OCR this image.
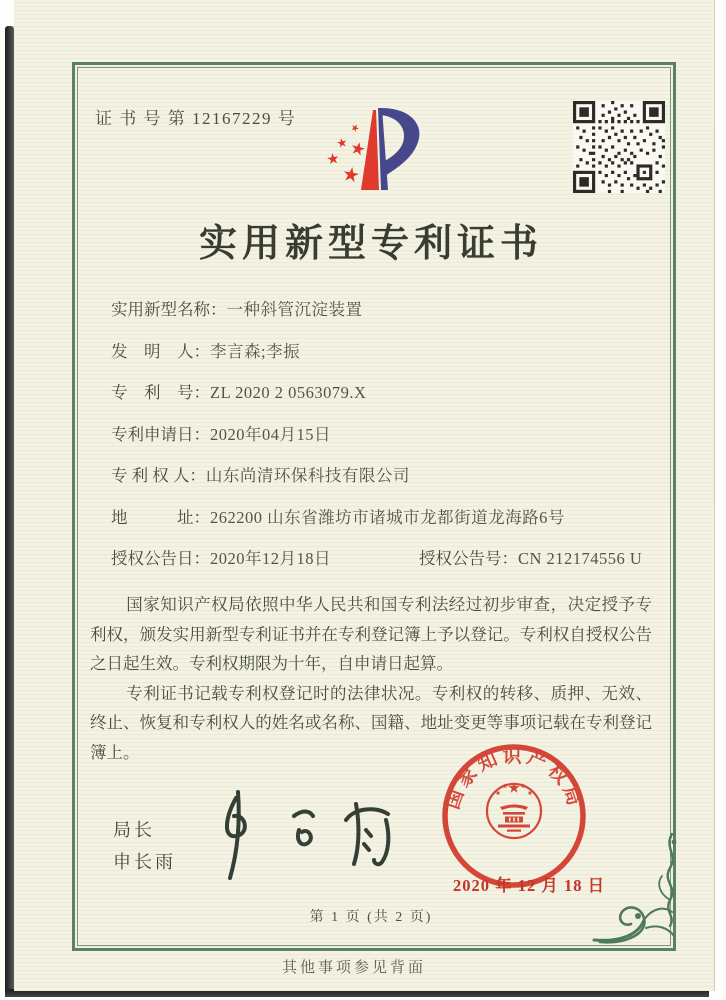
证 书 号 第 12167229 号
实用新型专利证书
实用新型名称：一种斜管沉淀装置
发　明　人：李言森;李振
专　利　号：ZL 2020 2 0563079.X
专利申请日：2020年04月15日
专 利 权 人：山东尚清环保科技有限公司
地　　　址：262200 山东省潍坊市诸城市龙都街道龙海路6号
授权公告日：2020年12月18日	授权公告号：CN 212174556 U

国家知识产权局依照中华人民共和国专利法经过初步审查，决定授予专利权，颁发实用新型专利证书并在专利登记簿上予以登记。专利权自授权公告之日起生效。专利权期限为十年，自申请日起算。

专利证书记载专利权登记时的法律状况。专利权的转移、质押、无效、终止、恢复和专利权人的姓名或名称、国籍、地址变更等事项记载在专利登记簿上。

局长
申长雨
国家知识产权局
2020 年 12 月 18 日
第 1 页 (共 2 页)
其他事项参见背面
